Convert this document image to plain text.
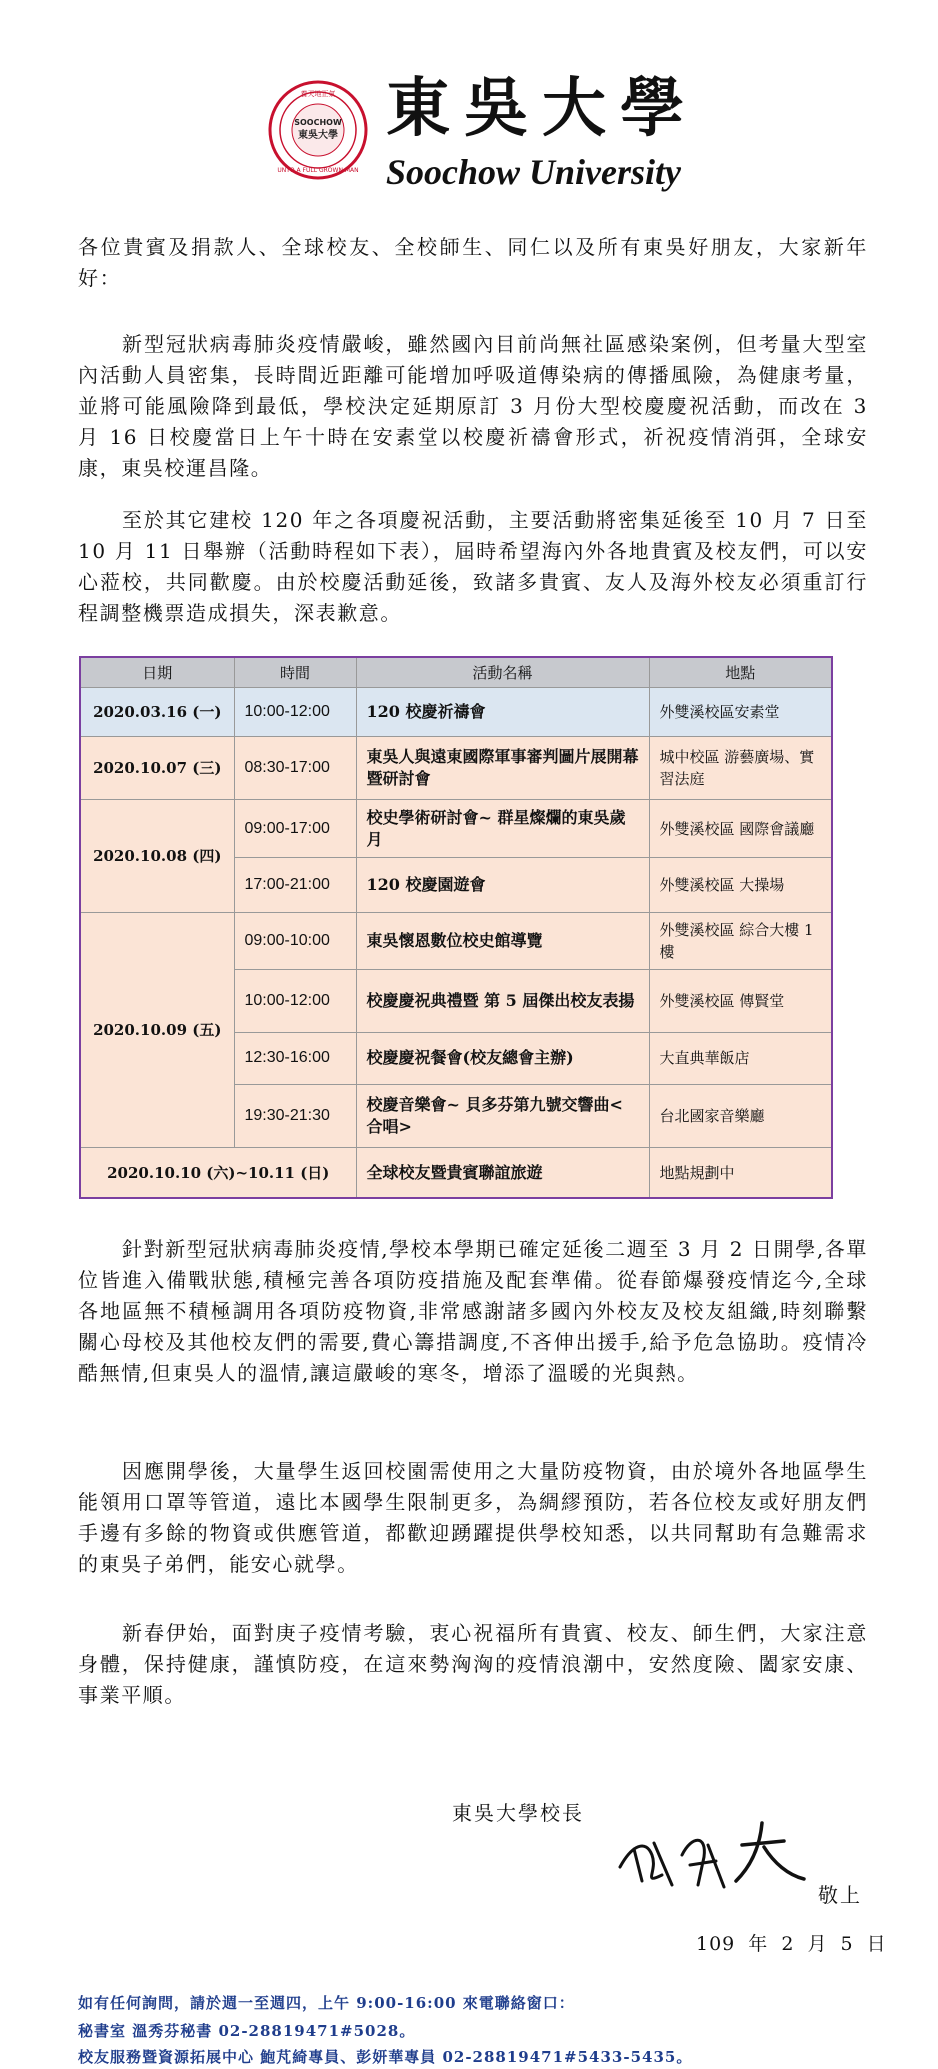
SOOCHOW
東吳大學
養天地正氣
UNTO A FULL GROWN MAN
東吳大學
Soochow University

各位貴賓及捐款人、全球校友、全校師生、同仁以及所有東吳好朋友，大家新年好：

新型冠狀病毒肺炎疫情嚴峻，雖然國內目前尚無社區感染案例，但考量大型室內活動人員密集，長時間近距離可能增加呼吸道傳染病的傳播風險，為健康考量，並將可能風險降到最低，學校決定延期原訂 3 月份大型校慶慶祝活動，而改在 3 月 16 日校慶當日上午十時在安素堂以校慶祈禱會形式，祈祝疫情消弭，全球安康，東吳校運昌隆。

至於其它建校 120 年之各項慶祝活動，主要活動將密集延後至 10 月 7 日至 10 月 11 日舉辦（活動時程如下表），屆時希望海內外各地貴賓及校友們，可以安心蒞校，共同歡慶。由於校慶活動延後，致諸多貴賓、友人及海外校友必須重訂行程調整機票造成損失，深表歉意。

日期	時間	活動名稱	地點
2020.03.16 (一)	10:00-12:00	120 校慶祈禱會	外雙溪校區安素堂
2020.10.07 (三)	08:30-17:00	東吳人與遠東國際軍事審判圖片展開幕暨研討會	城中校區 游藝廣場、實習法庭
2020.10.08 (四)	09:00-17:00	校史學術研討會~ 群星燦爛的東吳歲月	外雙溪校區 國際會議廳
	17:00-21:00	120 校慶園遊會	外雙溪校區 大操場
2020.10.09 (五)	09:00-10:00	東吳懷恩數位校史館導覽	外雙溪校區 綜合大樓 1 樓
	10:00-12:00	校慶慶祝典禮暨 第 5 屆傑出校友表揚	外雙溪校區 傳賢堂
	12:30-16:00	校慶慶祝餐會(校友總會主辦)	大直典華飯店
	19:30-21:30	校慶音樂會~ 貝多芬第九號交響曲<合唱>	台北國家音樂廳
2020.10.10 (六)~10.11 (日)		全球校友暨貴賓聯誼旅遊	地點規劃中

針對新型冠狀病毒肺炎疫情,學校本學期已確定延後二週至 3 月 2 日開學,各單位皆進入備戰狀態,積極完善各項防疫措施及配套準備。從春節爆發疫情迄今,全球各地區無不積極調用各項防疫物資,非常感謝諸多國內外校友及校友組織,時刻聯繫關心母校及其他校友們的需要,費心籌措調度,不吝伸出援手,給予危急協助。疫情冷酷無情,但東吳人的溫情,讓這嚴峻的寒冬，增添了溫暖的光與熱。

因應開學後，大量學生返回校園需使用之大量防疫物資，由於境外各地區學生能領用口罩等管道，遠比本國學生限制更多，為綢繆預防，若各位校友或好朋友們手邊有多餘的物資或供應管道，都歡迎踴躍提供學校知悉，以共同幫助有急難需求的東吳子弟們，能安心就學。

新春伊始，面對庚子疫情考驗，衷心祝福所有貴賓、校友、師生們，大家注意身體，保持健康，謹慎防疫，在這來勢洶洶的疫情浪潮中，安然度險、闔家安康、事業平順。

東吳大學校長
敬上
109 年 2 月 5 日
如有任何詢問，請於週一至週四，上午 9:00-16:00 來電聯絡窗口：
秘書室 溫秀芬秘書 02-28819471#5028。
校友服務暨資源拓展中心 鮑芃綺專員、彭妍華專員 02-28819471#5433-5435。
